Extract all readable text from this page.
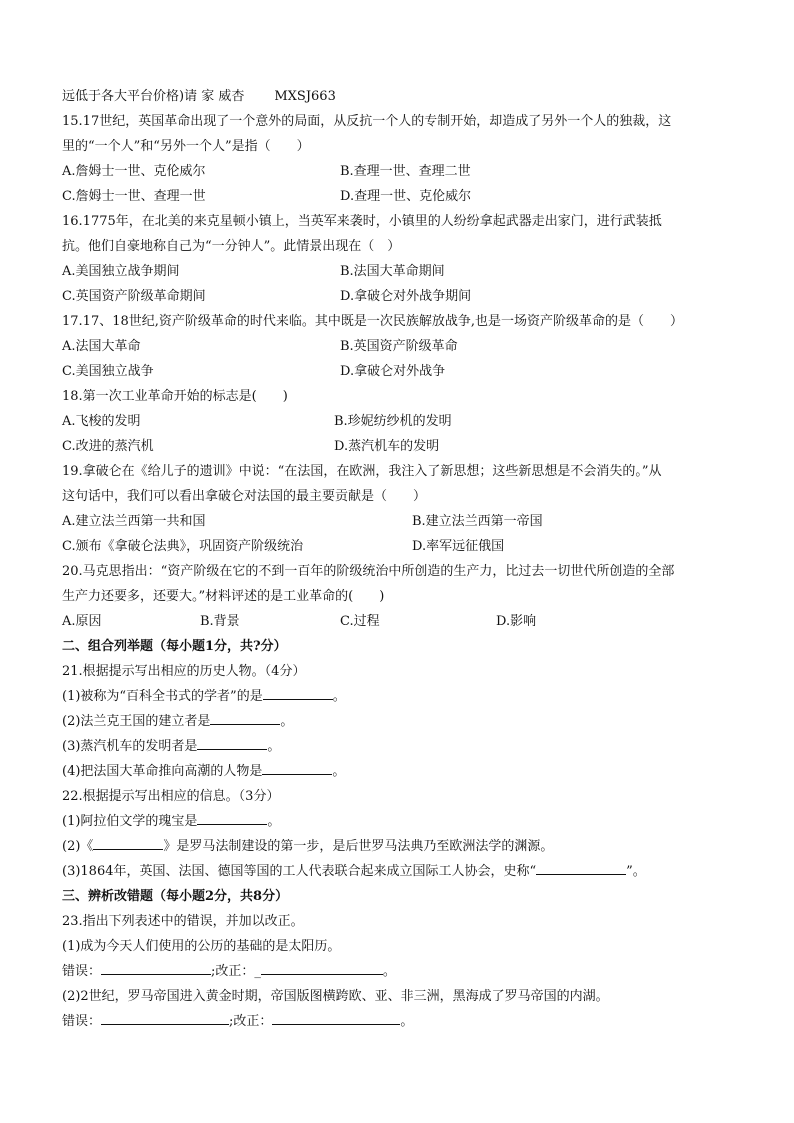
远低于各大平台价格)请 家 威杏 MXSJ663
15.17世纪，英国革命出现了一个意外的局面，从反抗一个人的专制开始，却造成了另外一个人的独裁，这
里的“一个人”和“另外一个人”是指（　　）
A.詹姆士一世、克伦威尔	B.查理一世、查理二世
C.詹姆士一世、查理一世	D.查理一世、克伦威尔
16.1775年，在北美的来克星顿小镇上，当英军来袭时，小镇里的人纷纷拿起武器走出家门，进行武装抵
抗。他们自豪地称自己为“一分钟人”。此情景出现在（　）
A.美国独立战争期间	B.法国大革命期间
C.英国资产阶级革命期间	D.拿破仑对外战争期间
17.17、18世纪,资产阶级革命的时代来临。其中既是一次民族解放战争,也是一场资产阶级革命的是（　　）
A.法国大革命	B.英国资产阶级革命
C.美国独立战争	D.拿破仑对外战争
18.第一次工业革命开始的标志是(　　)
A.飞梭的发明	B.珍妮纺纱机的发明
C.改进的蒸汽机	D.蒸汽机车的发明
19.拿破仑在《给儿子的遗训》中说：“在法国，在欧洲，我注入了新思想；这些新思想是不会消失的。”从
这句话中，我们可以看出拿破仑对法国的最主要贡献是（　　）
A.建立法兰西第一共和国	B.建立法兰西第一帝国
C.颁布《拿破仑法典》，巩固资产阶级统治	D.率军远征俄国
20.马克思指出：“资产阶级在它的不到一百年的阶级统治中所创造的生产力，比过去一切世代所创造的全部
生产力还要多，还要大。”材料评述的是工业革命的(　　)
A.原因	B.背景	C.过程	D.影响
二、组合列举题（每小题1分，共?分）
21.根据提示写出相应的历史人物。（4分）
(1)被称为“百科全书式的学者”的是	。
(2)法兰克王国的建立者是	。
(3)蒸汽机车的发明者是	。
(4)把法国大革命推向高潮的人物是	。
22.根据提示写出相应的信息。（3分）
(1)阿拉伯文学的瑰宝是	。
(2)《	》是罗马法制建设的第一步，是后世罗马法典乃至欧洲法学的渊源。
(3)1864年，英国、法国、德国等国的工人代表联合起来成立国际工人协会，史称“	”。
三、辨析改错题（每小题2分，共8分）
23.指出下列表述中的错误，并加以改正。
(1)成为今天人们使用的公历的基础的是太阳历。
错误：	;改正：_	。
(2)2世纪，罗马帝国进入黄金时期，帝国版图横跨欧、亚、非三洲，黑海成了罗马帝国的内湖。
错误：	;改正：	。
